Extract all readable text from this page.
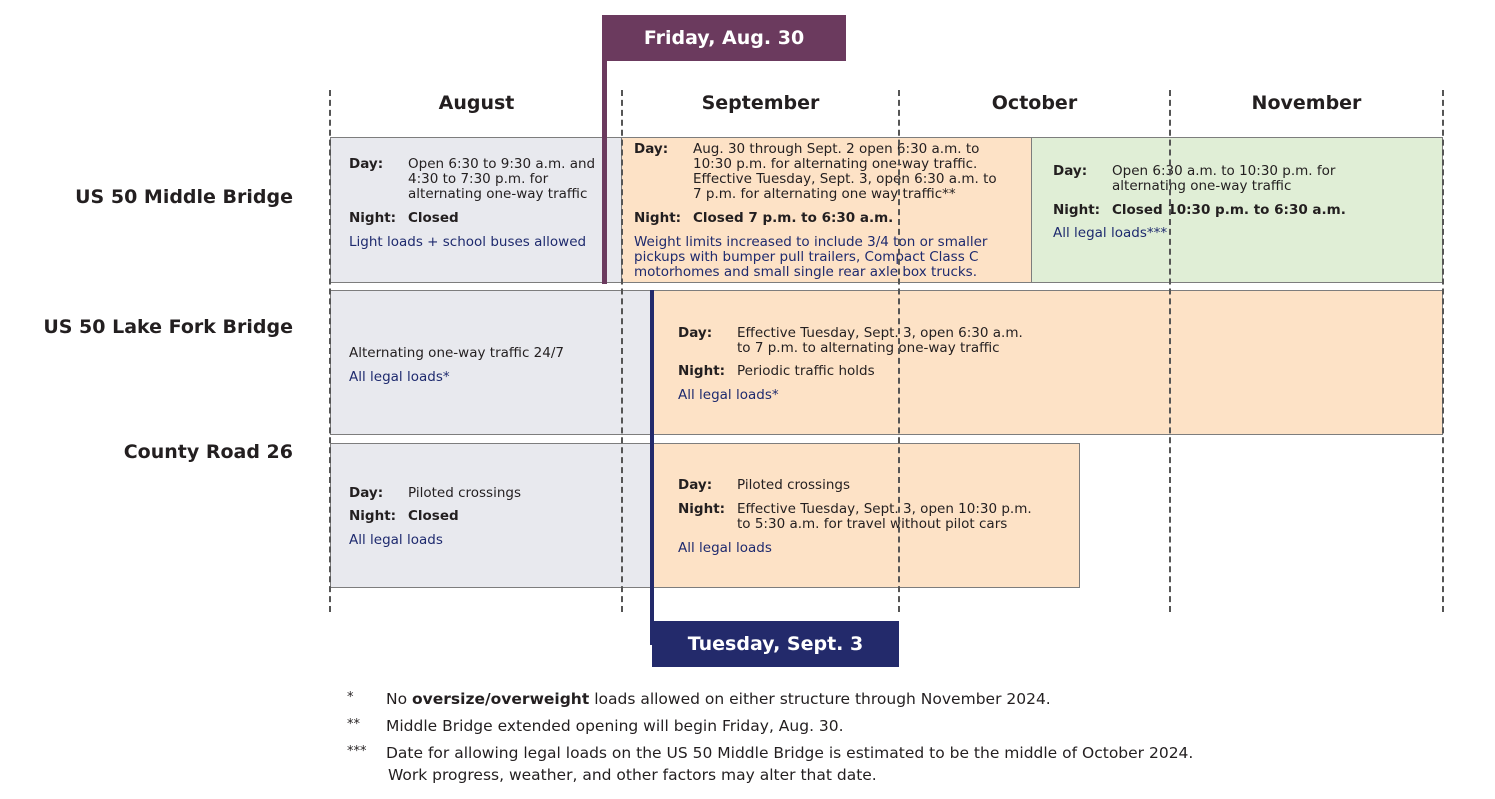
August	September	October	November
US 50 Middle Bridge
US 50 Lake Fork Bridge
County Road 26
Day: Open 6:30 to 9:30 a.m. and
4:30 to 7:30 p.m. for
alternating one-way traffic
Night: Closed
Light loads + school buses allowed
Day: Aug. 30 through Sept. 2 open 6:30 a.m. to
10:30 p.m. for alternating one-way traffic.
Effective Tuesday, Sept. 3, open 6:30 a.m. to
7 p.m. for alternating one way traffic**
Night: Closed 7 p.m. to 6:30 a.m.
Weight limits increased to include 3/4 ton or smaller
pickups with bumper pull trailers, Compact Class C
motorhomes and small single rear axle box trucks.
Day: Open 6:30 a.m. to 10:30 p.m. for
alternating one-way traffic
Night: Closed 10:30 p.m. to 6:30 a.m.
All legal loads***
Alternating one-way traffic 24/7
All legal loads*
Day: Effective Tuesday, Sept. 3, open 6:30 a.m.
to 7 p.m. to alternating one-way traffic
Night: Periodic traffic holds
All legal loads*
Day: Piloted crossings
Night: Closed
All legal loads
Day: Piloted crossings
Night: Effective Tuesday, Sept. 3, open 10:30 p.m.
to 5:30 a.m. for travel without pilot cars
All legal loads
Friday, Aug. 30
Tuesday, Sept. 3
* No oversize/overweight loads allowed on either structure through November 2024.
** Middle Bridge extended opening will begin Friday, Aug. 30.
*** Date for allowing legal loads on the US 50 Middle Bridge is estimated to be the middle of October 2024.
Work progress, weather, and other factors may alter that date.
